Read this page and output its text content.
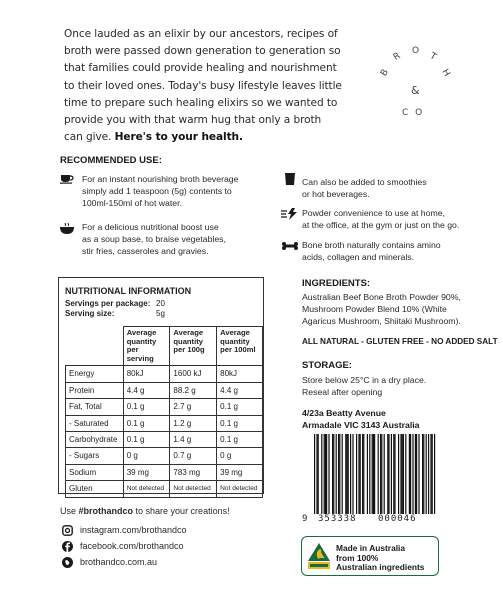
Once lauded as an elixir by our ancestors, recipes of
broth were passed down generation to generation so
that families could provide healing and nourishment
to their loved ones. Today's busy lifestyle leaves little
time to prepare such healing elixirs so we wanted to
provide you with that warm hug that only a broth
can give. Here's to your health.
B
R
O
T
H
&
C O
RECOMMENDED USE:
For an instant nourishing broth beverage
simply add 1 teaspoon (5g) contents to
100ml-150ml of hot water.
For a delicious nutritional boost use
as a soup base, to braise vegetables,
stir fries, casseroles and gravies.
Can also be added to smoothies
or hot beverages.
Powder convenience to use at home,
at the office, at the gym or just on the go.
Bone broth naturally contains amino
acids, collagen and minerals.
NUTRITIONAL INFORMATION
Servings per package: 20
Serving size:	5g
	Average quantity per serving	Average quantity per 100g	Average quantity per 100ml
Energy	80kJ	1600 kJ	80kJ
Protein	4.4 g	88.2 g	4.4 g
Fat, Total	0.1 g	2.7 g	0.1 g
- Saturated	0.1 g	1.2 g	0.1 g
Carbohydrate	0.1 g	1.4 g	0.1 g
- Sugars	0 g	0.7 g	0 g
Sodium	39 mg	783 mg	39 mg
Gluten	Not detected	Not detected	Not detected
INGREDIENTS:
Australian Beef Bone Broth Powder 90%,
Mushroom Powder Blend 10% (White
Agaricus Mushroom, Shiitaki Mushroom).
ALL NATURAL - GLUTEN FREE - NO ADDED SALT
STORAGE:
Store below 25°C in a dry place.
Reseal after opening
4/23a Beatty Avenue
Armadale VIC 3143 Australia
9 353338 000046
Use #brothandco to share your creations!
instagram.com/brothandco
facebook.com/brothandco
brothandco.com.au
Made in Australia
from 100%
Australian ingredients
